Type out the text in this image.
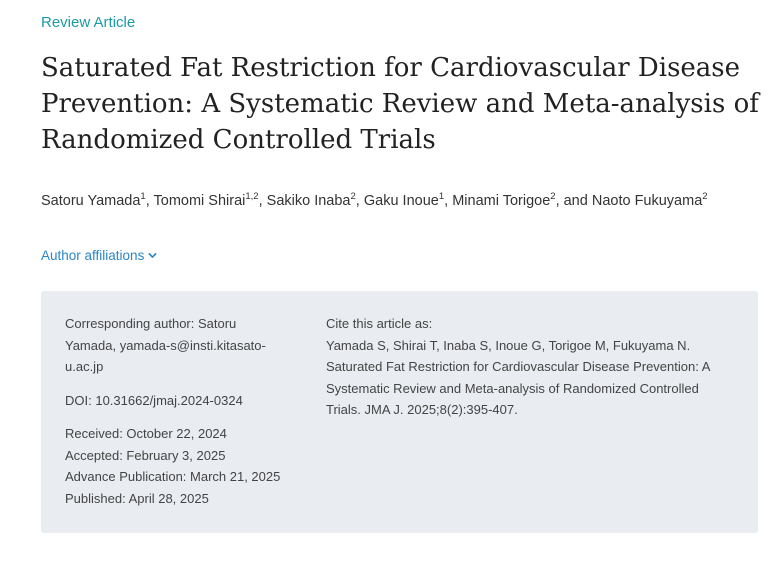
Review Article
Saturated Fat Restriction for Cardiovascular Disease Prevention: A Systematic Review and Meta-analysis of Randomized Controlled Trials
Satoru Yamada$^1$, Tomomi Shirai$^{1,2}$, Sakiko Inaba$^2$, Gaku Inoue$^1$, Minami Torigoe$^2$, and Naoto Fukuyama$^2$
Author affiliations

Corresponding author: Satoru Yamada, yamada-s@insti.kitasato-u.ac.jp

DOI: 10.31662/jmaj.2024-0324

Received: October 22, 2024

Accepted: February 3, 2025

Advance Publication: March 21, 2025

Published: April 28, 2025

Cite this article as:

Yamada S, Shirai T, Inaba S, Inoue G, Torigoe M, Fukuyama N. Saturated Fat Restriction for Cardiovascular Disease Prevention: A Systematic Review and Meta-analysis of Randomized Controlled Trials. JMA J. 2025;8(2):395-407.
